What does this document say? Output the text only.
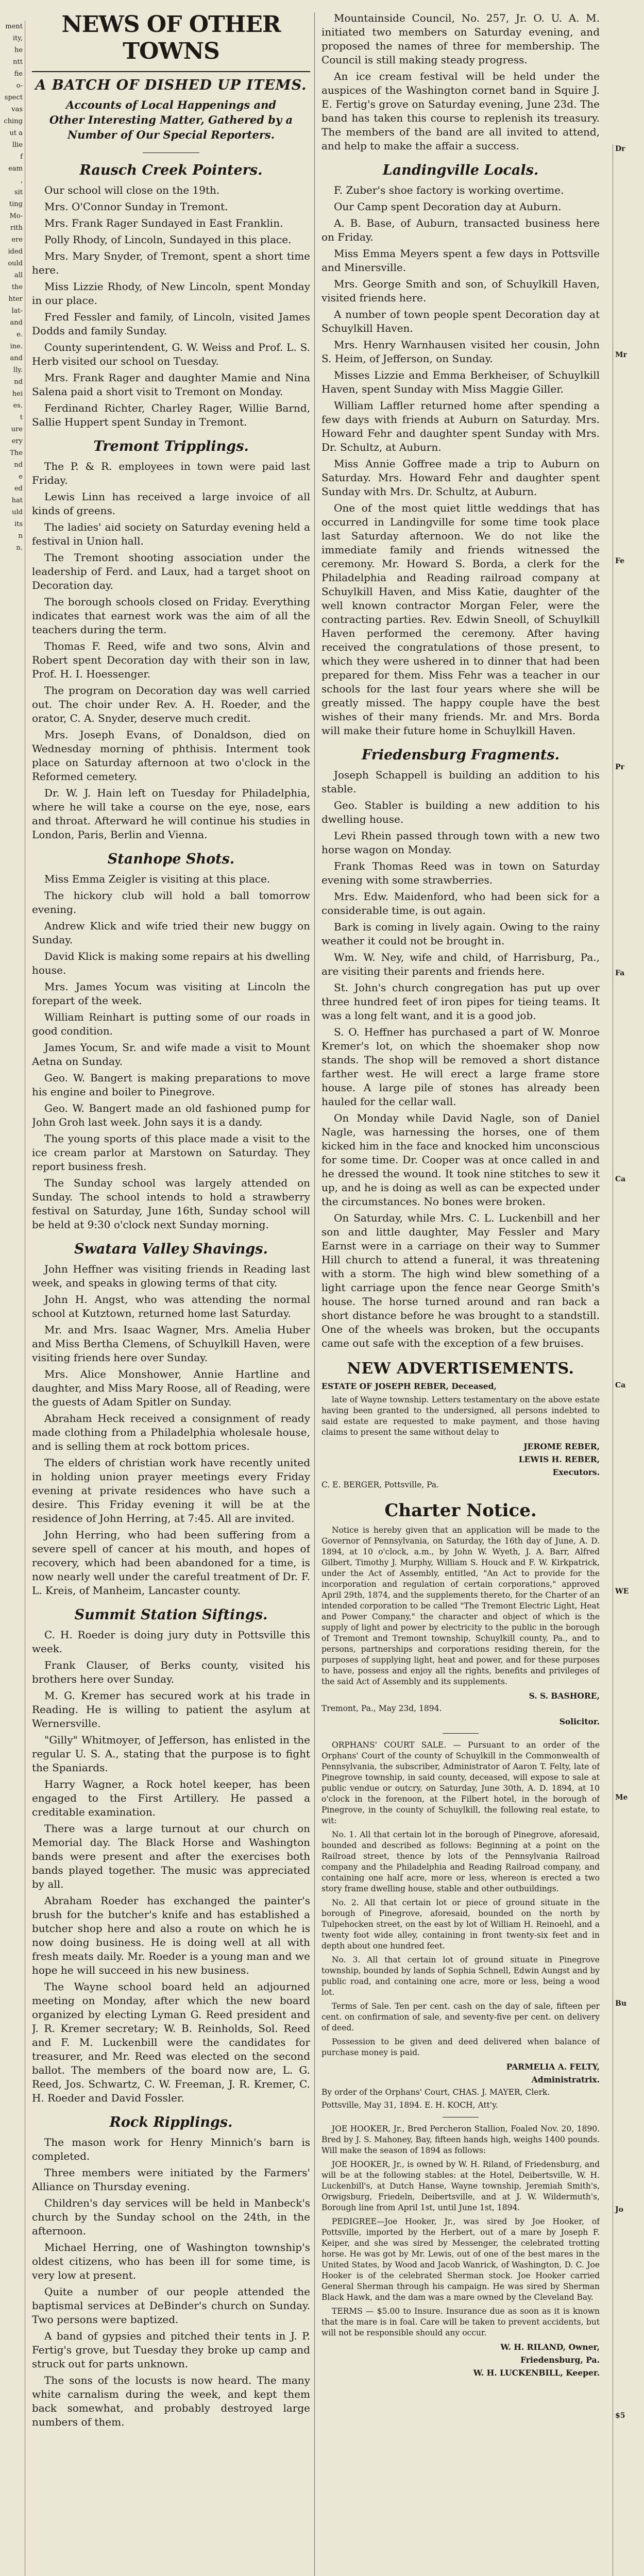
ment
ity,
he
ntt
fie
o-
spect
vas
ching
ut a
llie
f
eam
,
sit
ting
Mo-
rith
ere
ided
ould
all
the
hter
lat-
and
e.
ine.
and
lly.
nd
hei
es.
t
ure
ery
The
nd
e
ed
hat
uld
its
n
n.
NEWS OF OTHER TOWNS
A BATCH OF DISHED UP ITEMS.
Accounts of Local Happenings and Other Interesting Matter, Gathered by a Number of Our Special Reporters.
Rausch Creek Pointers.
Our school will close on the 19th.
Mrs. O'Connor Sunday in Tremont.
Mrs. Frank Rager Sundayed in East Franklin.
Polly Rhody, of Lincoln, Sundayed in this place.
Mrs. Mary Snyder, of Tremont, spent a short time here.
Miss Lizzie Rhody, of New Lincoln, spent Monday in our place.
Fred Fessler and family, of Lincoln, visited James Dodds and family Sunday.
County superintendent, G. W. Weiss and Prof. L. S. Herb visited our school on Tuesday.
Mrs. Frank Rager and daughter Mamie and Nina Salena paid a short visit to Tremont on Monday.
Ferdinand Richter, Charley Rager, Willie Barnd, Sallie Huppert spent Sunday in Tremont.
Tremont Tripplings.
The P. & R. employees in town were paid last Friday.
Lewis Linn has received a large invoice of all kinds of greens.
The ladies' aid society on Saturday evening held a festival in Union hall.
The Tremont shooting association under the leadership of Ferd. and Laux, had a target shoot on Decoration day.
The borough schools closed on Friday. Everything indicates that earnest work was the aim of all the teachers during the term.
Thomas F. Reed, wife and two sons, Alvin and Robert spent Decoration day with their son in law, Prof. H. I. Hoessenger.
The program on Decoration day was well carried out. The choir under Rev. A. H. Roeder, and the orator, C. A. Snyder, deserve much credit.
Mrs. Joseph Evans, of Donaldson, died on Wednesday morning of phthisis. Interment took place on Saturday afternoon at two o'clock in the Reformed cemetery.
Dr. W. J. Hain left on Tuesday for Philadelphia, where he will take a course on the eye, nose, ears and throat. Afterward he will continue his studies in London, Paris, Berlin and Vienna.
Stanhope Shots.
Miss Emma Zeigler is visiting at this place.
The hickory club will hold a ball tomorrow evening.
Andrew Klick and wife tried their new buggy on Sunday.
David Klick is making some repairs at his dwelling house.
Mrs. James Yocum was visiting at Lincoln the forepart of the week.
William Reinhart is putting some of our roads in good condition.
James Yocum, Sr. and wife made a visit to Mount Aetna on Sunday.
Geo. W. Bangert is making preparations to move his engine and boiler to Pinegrove.
Geo. W. Bangert made an old fashioned pump for John Groh last week. John says it is a dandy.
The young sports of this place made a visit to the ice cream parlor at Marstown on Saturday. They report business fresh.
The Sunday school was largely attended on Sunday. The school intends to hold a strawberry festival on Saturday, June 16th, Sunday school will be held at 9:30 o'clock next Sunday morning.
Swatara Valley Shavings.
John Heffner was visiting friends in Reading last week, and speaks in glowing terms of that city.
John H. Angst, who was attending the normal school at Kutztown, returned home last Saturday.
Mr. and Mrs. Isaac Wagner, Mrs. Amelia Huber and Miss Bertha Clemens, of Schuylkill Haven, were visiting friends here over Sunday.
Mrs. Alice Monshower, Annie Hartline and daughter, and Miss Mary Roose, all of Reading, were the guests of Adam Spitler on Sunday.
Abraham Heck received a consignment of ready made clothing from a Philadelphia wholesale house, and is selling them at rock bottom prices.
The elders of christian work have recently united in holding union prayer meetings every Friday evening at private residences who have such a desire. This Friday evening it will be at the residence of John Herring, at 7:45. All are invited.
John Herring, who had been suffering from a severe spell of cancer at his mouth, and hopes of recovery, which had been abandoned for a time, is now nearly well under the careful treatment of Dr. F. L. Kreis, of Manheim, Lancaster county.
Summit Station Siftings.
C. H. Roeder is doing jury duty in Pottsville this week.
Frank Clauser, of Berks county, visited his brothers here over Sunday.
M. G. Kremer has secured work at his trade in Reading. He is willing to patient the asylum at Wernersville.
"Gilly" Whitmoyer, of Jefferson, has enlisted in the regular U. S. A., stating that the purpose is to fight the Spaniards.
Harry Wagner, a Rock hotel keeper, has been engaged to the First Artillery. He passed a creditable examination.
There was a large turnout at our church on Memorial day. The Black Horse and Washington bands were present and after the exercises both bands played together. The music was appreciated by all.
Abraham Roeder has exchanged the painter's brush for the butcher's knife and has established a butcher shop here and also a route on which he is now doing business. He is doing well at all with fresh meats daily. Mr. Roeder is a young man and we hope he will succeed in his new business.
The Wayne school board held an adjourned meeting on Monday, after which the new board organized by electing Lyman G. Reed president and J. R. Kremer secretary; W. B. Reinholds, Sol. Reed and F. M. Luckenbill were the candidates for treasurer, and Mr. Reed was elected on the second ballot. The members of the board now are, L. G. Reed, Jos. Schwartz, C. W. Freeman, J. R. Kremer, C. H. Roeder and David Fossler.
Rock Ripplings.
The mason work for Henry Minnich's barn is completed.
Three members were initiated by the Farmers' Alliance on Thursday evening.
Children's day services will be held in Manbeck's church by the Sunday school on the 24th, in the afternoon.
Michael Herring, one of Washington township's oldest citizens, who has been ill for some time, is very low at present.
Quite a number of our people attended the baptismal services at DeBinder's church on Sunday. Two persons were baptized.
A band of gypsies and pitched their tents in J. P. Fertig's grove, but Tuesday they broke up camp and struck out for parts unknown.
The sons of the locusts is now heard. The many white carnalism during the week, and kept them back somewhat, and probably destroyed large numbers of them.
Mountainside Council, No. 257, Jr. O. U. A. M. initiated two members on Saturday evening, and proposed the names of three for membership. The Council is still making steady progress.
An ice cream festival will be held under the auspices of the Washington cornet band in Squire J. E. Fertig's grove on Saturday evening, June 23d. The band has taken this course to replenish its treasury. The members of the band are all invited to attend, and help to make the affair a success.
Landingville Locals.
F. Zuber's shoe factory is working overtime.
Our Camp spent Decoration day at Auburn.
A. B. Base, of Auburn, transacted business here on Friday.
Miss Emma Meyers spent a few days in Pottsville and Minersville.
Mrs. George Smith and son, of Schuylkill Haven, visited friends here.
A number of town people spent Decoration day at Schuylkill Haven.
Mrs. Henry Warnhausen visited her cousin, John S. Heim, of Jefferson, on Sunday.
Misses Lizzie and Emma Berkheiser, of Schuylkill Haven, spent Sunday with Miss Maggie Giller.
William Laffler returned home after spending a few days with friends at Auburn on Saturday. Mrs. Howard Fehr and daughter spent Sunday with Mrs. Dr. Schultz, at Auburn.
Miss Annie Goffree made a trip to Auburn on Saturday. Mrs. Howard Fehr and daughter spent Sunday with Mrs. Dr. Schultz, at Auburn.
One of the most quiet little weddings that has occurred in Landingville for some time took place last Saturday afternoon. We do not like the immediate family and friends witnessed the ceremony. Mr. Howard S. Borda, a clerk for the Philadelphia and Reading railroad company at Schuylkill Haven, and Miss Katie, daughter of the well known contractor Morgan Feler, were the contracting parties. Rev. Edwin Sneoll, of Schuylkill Haven performed the ceremony. After having received the congratulations of those present, to which they were ushered in to dinner that had been prepared for them. Miss Fehr was a teacher in our schools for the last four years where she will be greatly missed. The happy couple have the best wishes of their many friends. Mr. and Mrs. Borda will make their future home in Schuylkill Haven.
Friedensburg Fragments.
Joseph Schappell is building an addition to his stable.
Geo. Stabler is building a new addition to his dwelling house.
Levi Rhein passed through town with a new two horse wagon on Monday.
Frank Thomas Reed was in town on Saturday evening with some strawberries.
Mrs. Edw. Maidenford, who had been sick for a considerable time, is out again.
Bark is coming in lively again. Owing to the rainy weather it could not be brought in.
Wm. W. Ney, wife and child, of Harrisburg, Pa., are visiting their parents and friends here.
St. John's church congregation has put up over three hundred feet of iron pipes for tieing teams. It was a long felt want, and it is a good job.
S. O. Heffner has purchased a part of W. Monroe Kremer's lot, on which the shoemaker shop now stands. The shop will be removed a short distance farther west. He will erect a large frame store house. A large pile of stones has already been hauled for the cellar wall.
On Monday while David Nagle, son of Daniel Nagle, was harnessing the horses, one of them kicked him in the face and knocked him unconscious for some time. Dr. Cooper was at once called in and he dressed the wound. It took nine stitches to sew it up, and he is doing as well as can be expected under the circumstances. No bones were broken.
On Saturday, while Mrs. C. L. Luckenbill and her son and little daughter, May Fessler and Mary Earnst were in a carriage on their way to Summer Hill church to attend a funeral, it was threatening with a storm. The high wind blew something of a light carriage upon the fence near George Smith's house. The horse turned around and ran back a short distance before he was brought to a standstill. One of the wheels was broken, but the occupants came out safe with the exception of a few bruises.
NEW ADVERTISEMENTS.
ESTATE OF JOSEPH REBER, Deceased,
late of Wayne township. Letters testamentary on the above estate having been granted to the undersigned, all persons indebted to said estate are requested to make payment, and those having claims to present the same without delay to
JEROME REBER,
LEWIS H. REBER,
Executors.
C. E. BERGER, Pottsville, Pa.
Charter Notice.
Notice is hereby given that an application will be made to the Governor of Pennsylvania, on Saturday, the 16th day of June, A. D. 1894, at 10 o'clock, a.m., by John W. Wyeth, J. A. Barr, Alfred Gilbert, Timothy J. Murphy, William S. Houck and F. W. Kirkpatrick, under the Act of Assembly, entitled, "An Act to provide for the incorporation and regulation of certain corporations," approved April 29th, 1874, and the supplements thereto, for the Charter of an intended corporation to be called "The Tremont Electric Light, Heat and Power Company," the character and object of which is the supply of light and power by electricity to the public in the borough of Tremont and Tremont township, Schuylkill county, Pa., and to persons, partnerships and corporations residing therein, for the purposes of supplying light, heat and power, and for these purposes to have, possess and enjoy all the rights, benefits and privileges of the said Act of Assembly and its supplements.
S. S. BASHORE,
Tremont, Pa., May 23d, 1894.
Solicitor.
ORPHANS' COURT SALE. — Pursuant to an order of the Orphans' Court of the county of Schuylkill in the Commonwealth of Pennsylvania, the subscriber, Administrator of Aaron T. Felty, late of Pinegrove township, in said county, deceased, will expose to sale at public vendue or outcry, on Saturday, June 30th, A. D. 1894, at 10 o'clock in the forenoon, at the Filbert hotel, in the borough of Pinegrove, in the county of Schuylkill, the following real estate, to wit:
No. 1. All that certain lot in the borough of Pinegrove, aforesaid, bounded and described as follows: Beginning at a point on the Railroad street, thence by lots of the Pennsylvania Railroad company and the Philadelphia and Reading Railroad company, and containing one half acre, more or less, whereon is erected a two story frame dwelling house, stable and other outbuildings.
No. 2. All that certain lot or piece of ground situate in the borough of Pinegrove, aforesaid, bounded on the north by Tulpehocken street, on the east by lot of William H. Reinoehl, and a twenty foot wide alley, containing in front twenty-six feet and in depth about one hundred feet.
No. 3. All that certain lot of ground situate in Pinegrove township, bounded by lands of Sophia Schnell, Edwin Aungst and by public road, and containing one acre, more or less, being a wood lot.
Terms of Sale. Ten per cent. cash on the day of sale, fifteen per cent. on confirmation of sale, and seventy-five per cent. on delivery of deed.
Possession to be given and deed delivered when balance of purchase money is paid.
PARMELIA A. FELTY,
Administratrix.
By order of the Orphans' Court, CHAS. J. MAYER, Clerk.
Pottsville, May 31, 1894. E. H. KOCH, Att'y.
JOE HOOKER, Jr., Bred Percheron Stallion, Foaled Nov. 20, 1890. Bred by J. S. Mahoney, Bay, fifteen hands high, weighs 1400 pounds. Will make the season of 1894 as follows:
JOE HOOKER, Jr., is owned by W. H. Riland, of Friedensburg, and will be at the following stables: at the Hotel, Deibertsville, W. H. Luckenbill's, at Dutch Hanse, Wayne township, Jeremiah Smith's, Orwigsburg, Friedeln, Deibertsville, and at J. W. Wildermuth's, Borough line from April 1st, until June 1st, 1894.
PEDIGREE—Joe Hooker, Jr., was sired by Joe Hooker, of Pottsville, imported by the Herbert, out of a mare by Joseph F. Keiper, and she was sired by Messenger, the celebrated trotting horse. He was got by Mr. Lewis, out of one of the best mares in the United States, by Wood and Jacob Wanrick, of Washington, D. C. Joe Hooker is of the celebrated Sherman stock. Joe Hooker carried General Sherman through his campaign. He was sired by Sherman Black Hawk, and the dam was a mare owned by the Cleveland Bay.
TERMS — $5.00 to Insure. Insurance due as soon as it is known that the mare is in foal. Care will be taken to prevent accidents, but will not be responsible should any occur.
W. H. RILAND, Owner,
Friedensburg, Pa.
W. H. LUCKENBILL, Keeper.
Dr
Mr
Fe
Pr
Fa
Ca
Ca
WE
Me
Bu
Jo
$5
